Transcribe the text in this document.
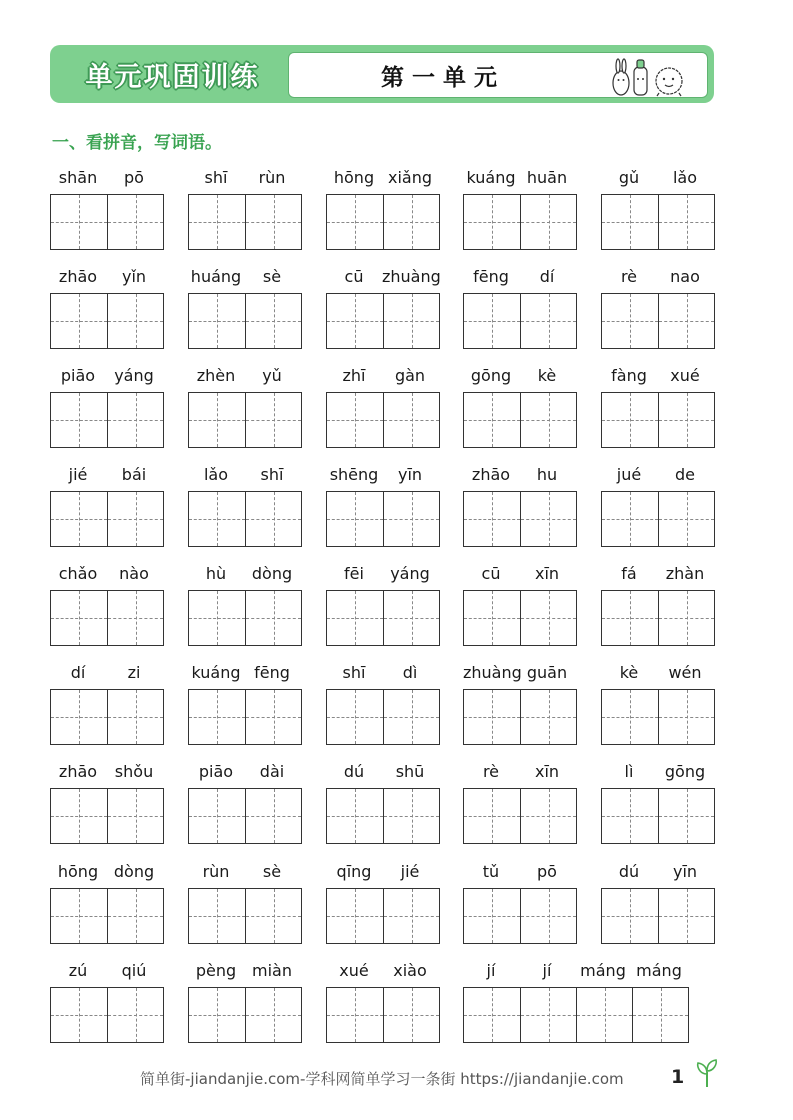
单元巩固训练	第一单元
一、看拼音，写词语。
shān	pō	shī	rùn	hōng xiǎng	kuáng huān	gǔ	lǎo
zhāo	yǐn	huáng	sè	cū	zhuàng	fēng	dí	rè	nao
piāo	yáng	zhèn	yǔ	zhī	gàn	gōng	kè	fàng	xué
jié	bái	lǎo	shī	shēng	yīn	zhāo	hu	jué	de
chǎo	nào	hù	dòng	fēi	yáng	cū	xīn	fá	zhàn
dí	zi	kuáng fēng	shī	dì	zhuàng guān	kè	wén
zhāo	shǒu	piāo	dài	dú	shū	rè	xīn	lì	gōng
hōng dòng	rùn	sè	qīng	jié	tǔ	pō	dú	yīn
zú	qiú	pèng miàn	xué	xiào	jí	jí	máng máng
简单街-jiandanjie.com-学科网简单学习一条街 https://jiandanjie.com 1
